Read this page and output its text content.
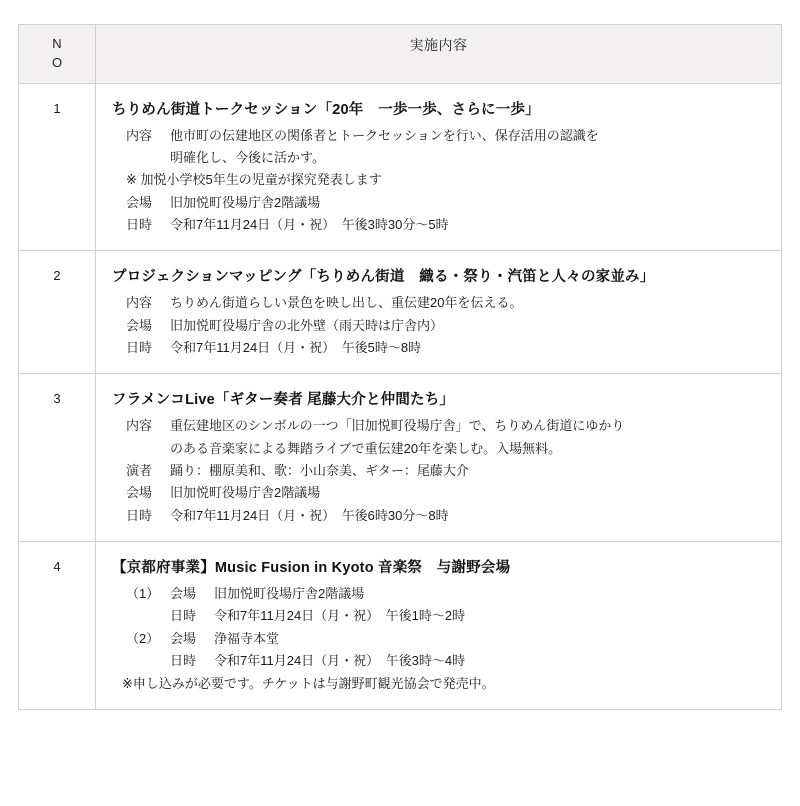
N
O	実施内容
1	ちりめん街道トークセッション「20年　一歩一歩、さらに一歩」
内容	他市町の伝建地区の関係者とトークセッションを行い、保存活用の認識を
明確化し、今後に活かす。
※ 加悦小学校5年生の児童が探究発表します
会場	旧加悦町役場庁舎2階議場
日時	令和7年11月24日（月・祝）　午後3時30分〜5時

2	プロジェクションマッピング「ちりめん街道　織る・祭り・汽笛と人々の家並み」
内容	ちりめん街道らしい景色を映し出し、重伝建20年を伝える。
会場	旧加悦町役場庁舎の北外壁（雨天時は庁舎内）
日時	令和7年11月24日（月・祝）　午後5時〜8時

3	フラメンコLive「ギター奏者 尾藤大介と仲間たち」
内容	重伝建地区のシンボルの一つ「旧加悦町役場庁舎」で、ちりめん街道にゆかり
のある音楽家による舞踏ライブで重伝建20年を楽しむ。入場無料。
演者	踊り：棚原美和、歌：小山奈美、ギター：尾藤大介
会場	旧加悦町役場庁舎2階議場
日時	令和7年11月24日（月・祝）　午後6時30分〜8時

4	【京都府事業】Music Fusion in Kyoto 音楽祭　与謝野会場
（1） 会場	旧加悦町役場庁舎2階議場
日時	令和7年11月24日（月・祝）　午後1時〜2時
（2） 会場	浄福寺本堂
日時	令和7年11月24日（月・祝）　午後3時〜4時
※申し込みが必要です。チケットは与謝野町観光協会で発売中。
